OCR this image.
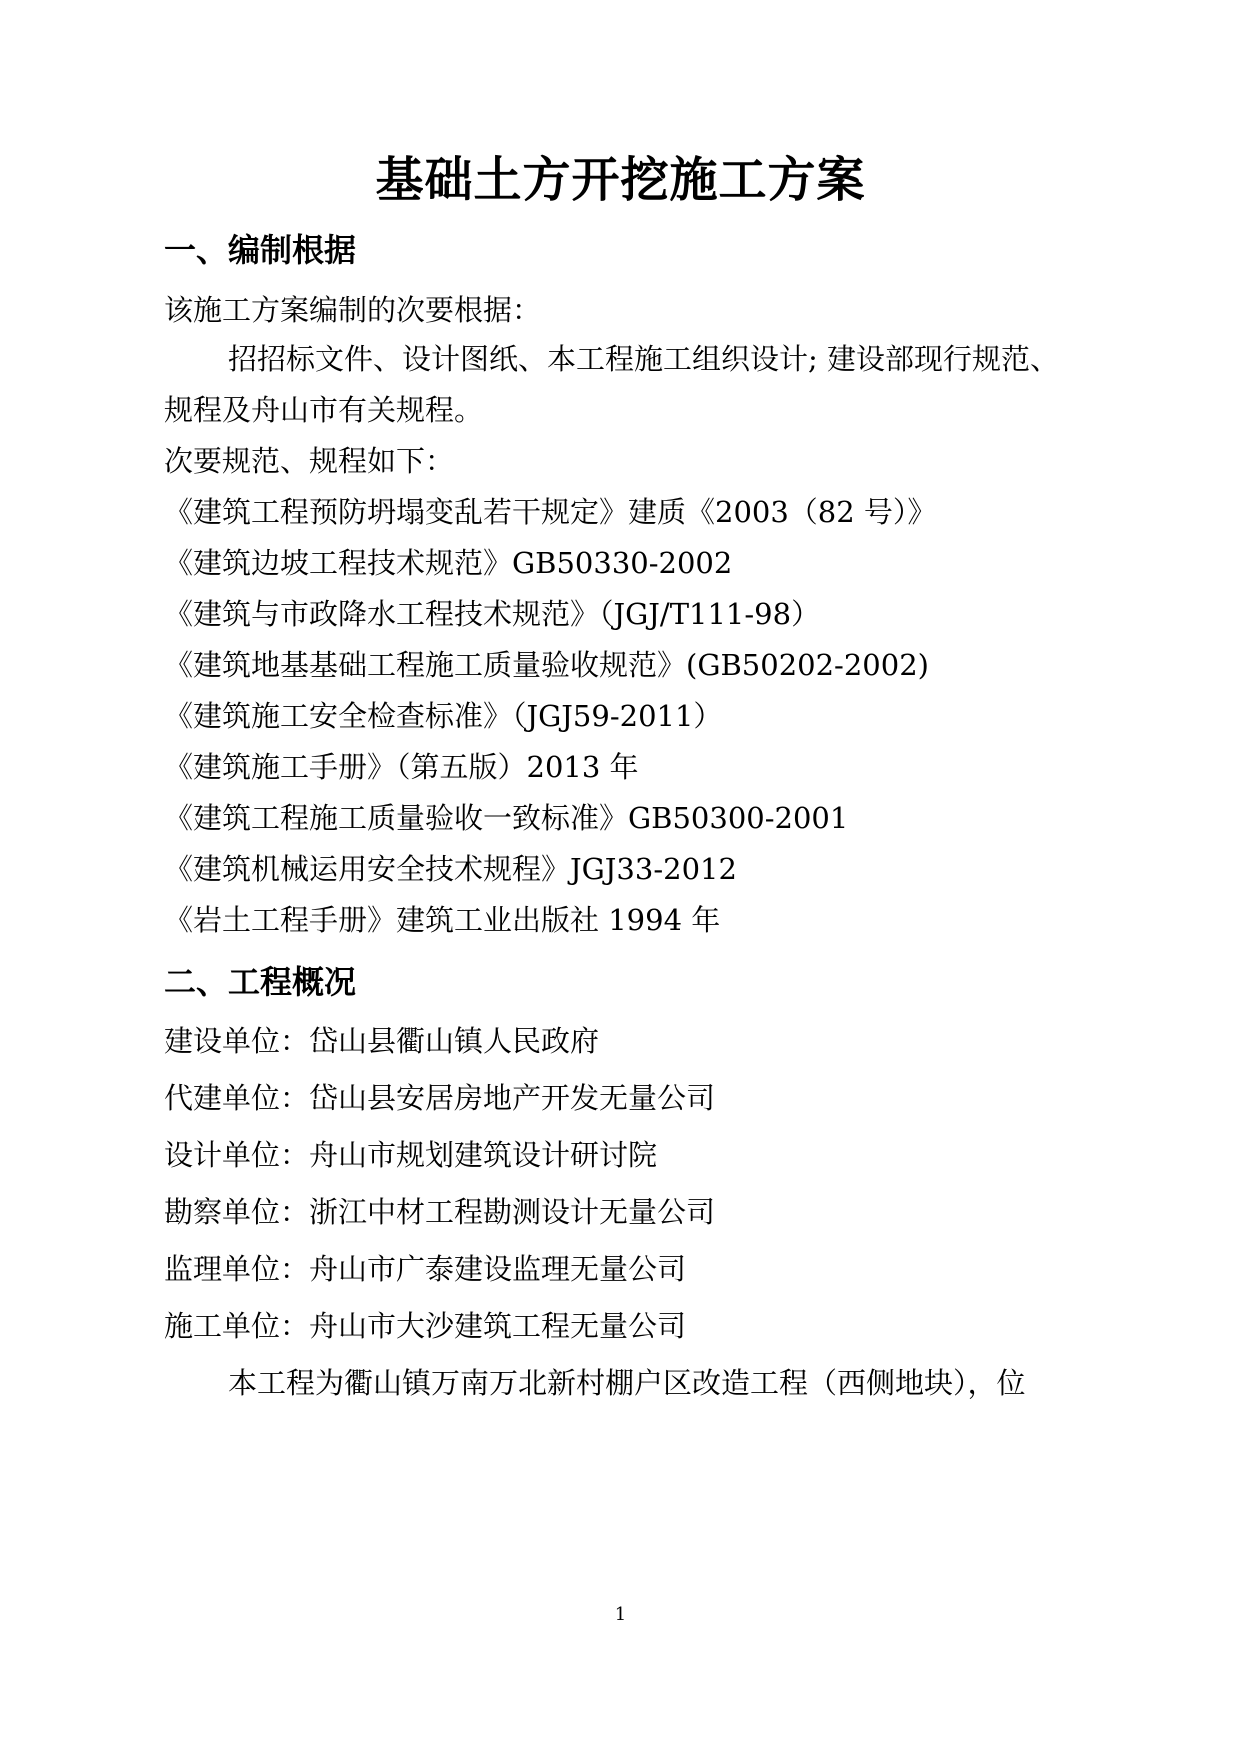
基础土方开挖施工方案
一、编制根据
该施工方案编制的次要根据：
招招标文件、设计图纸、本工程施工组织设计; 建设部现行规范、
规程及舟山市有关规程。
次要规范、规程如下：
《建筑工程预防坍塌变乱若干规定》建质《2003（82 号）》
《建筑边坡工程技术规范》GB50330-2002
《建筑与市政降水工程技术规范》（JGJ/T111-98）
《建筑地基基础工程施工质量验收规范》(GB50202-2002)
《建筑施工安全检查标准》（JGJ59-2011）
《建筑施工手册》（第五版）2013 年
《建筑工程施工质量验收一致标准》GB50300-2001
《建筑机械运用安全技术规程》JGJ33-2012
《岩土工程手册》建筑工业出版社 1994 年
二、工程概况
建设单位：岱山县衢山镇人民政府
代建单位：岱山县安居房地产开发无量公司
设计单位：舟山市规划建筑设计研讨院
勘察单位：浙江中材工程勘测设计无量公司
监理单位：舟山市广泰建设监理无量公司
施工单位：舟山市大沙建筑工程无量公司
本工程为衢山镇万南万北新村棚户区改造工程（西侧地块），位
1
